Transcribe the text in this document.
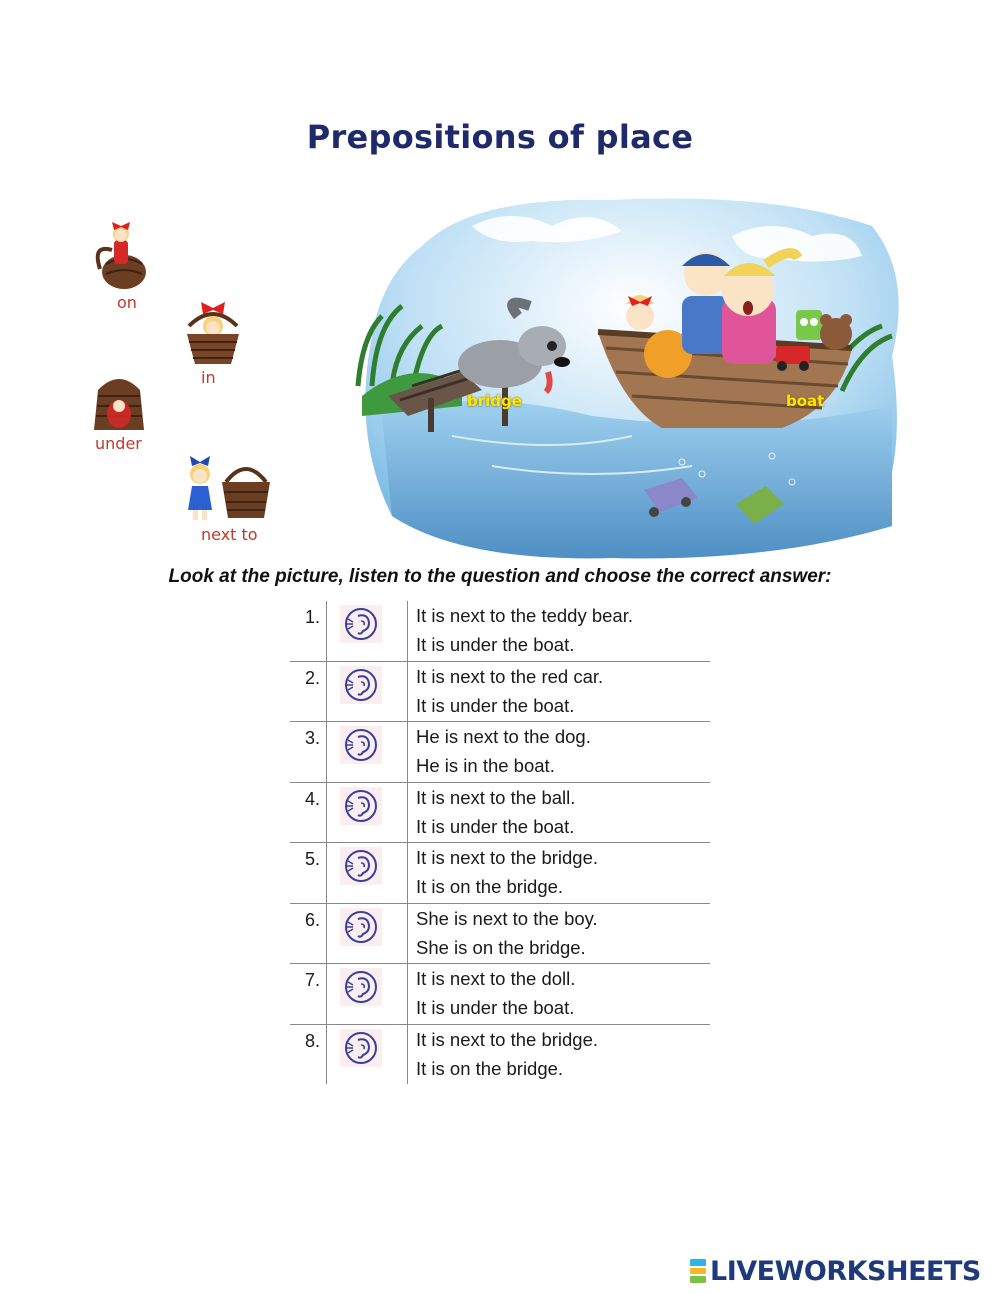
Prepositions of place
on
in
under
next to
bridge	boat
Look at the picture, listen to the question and choose the correct answer:
1.	It is next to the teddy bear.
It is under the boat.
2.	It is next to the red car.
It is under the boat.
3.	He is next to the dog.
He is in the boat.
4.	It is next to the ball.
It is under the boat.
5.	It is next to the bridge.
It is on the bridge.
6.	She is next to the boy.
She is on the bridge.
7.	It is next to the doll.
It is under the boat.
8.	It is next to the bridge.
It is on the bridge.
LIVEWORKSHEETS
